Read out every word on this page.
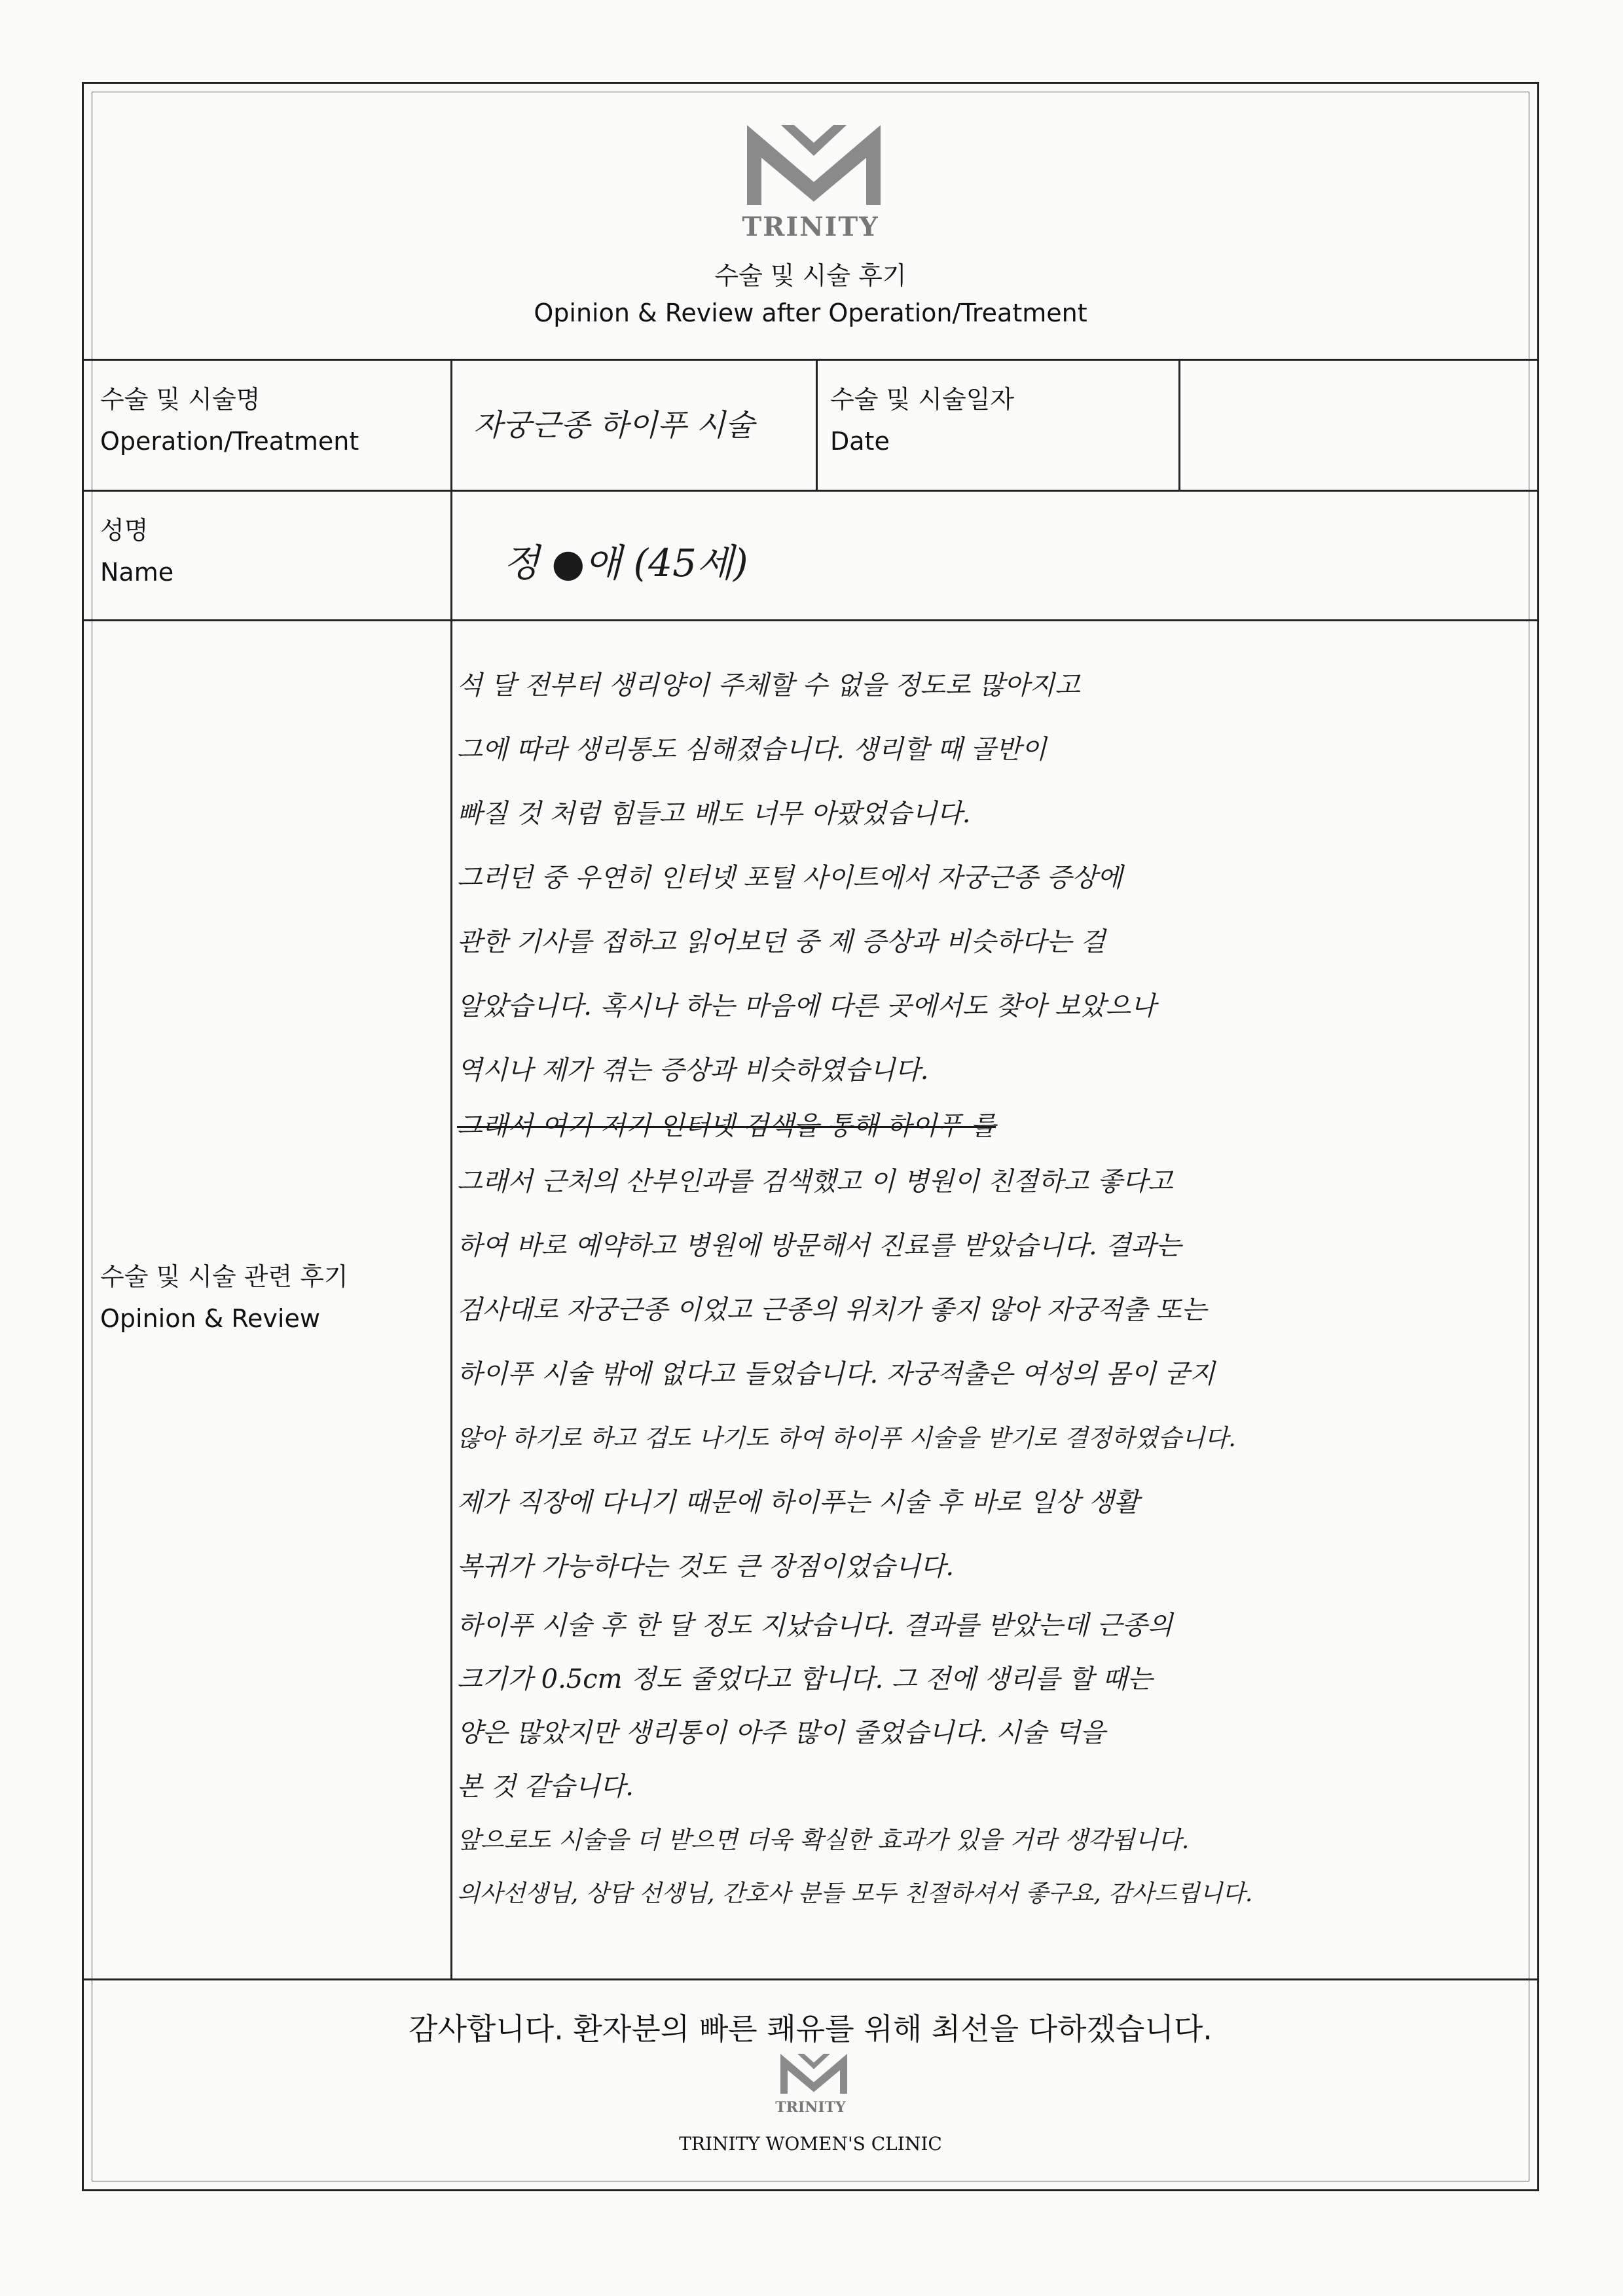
TRINITY
수술 및 시술 후기
Opinion & Review after Operation/Treatment
수술 및 시술명
Operation/Treatment	자궁근종 하이푸 시술
수술 및 시술일자
Date
성명
Name	정 ●애 (45세)
수술 및 시술 관련 후기
Opinion & Review
석 달 전부터 생리양이 주체할 수 없을 정도로 많아지고
그에 따라 생리통도 심해졌습니다. 생리할 때 골반이
빠질 것 처럼 힘들고 배도 너무 아팠었습니다.
그러던 중 우연히 인터넷 포털 사이트에서 자궁근종 증상에
관한 기사를 접하고 읽어보던 중 제 증상과 비슷하다는 걸
알았습니다. 혹시나 하는 마음에 다른 곳에서도 찾아 보았으나
역시나 제가 겪는 증상과 비슷하였습니다.
그래서 여기 저기 인터넷 검색을 통해 하이푸 를
그래서 근처의 산부인과를 검색했고 이 병원이 친절하고 좋다고
하여 바로 예약하고 병원에 방문해서 진료를 받았습니다. 결과는
검사대로 자궁근종 이었고 근종의 위치가 좋지 않아 자궁적출 또는
하이푸 시술 밖에 없다고 들었습니다. 자궁적출은 여성의 몸이 굳지
않아 하기로 하고 겁도 나기도 하여 하이푸 시술을 받기로 결정하였습니다.
제가 직장에 다니기 때문에 하이푸는 시술 후 바로 일상 생활
복귀가 가능하다는 것도 큰 장점이었습니다.
하이푸 시술 후 한 달 정도 지났습니다. 결과를 받았는데 근종의
크기가 0.5cm 정도 줄었다고 합니다. 그 전에 생리를 할 때는
양은 많았지만 생리통이 아주 많이 줄었습니다. 시술 덕을
본 것 같습니다.
앞으로도 시술을 더 받으면 더욱 확실한 효과가 있을 거라 생각됩니다.
의사선생님, 상담 선생님, 간호사 분들 모두 친절하셔서 좋구요, 감사드립니다.
감사합니다. 환자분의 빠른 쾌유를 위해 최선을 다하겠습니다.
TRINITY
TRINITY WOMEN'S CLINIC
